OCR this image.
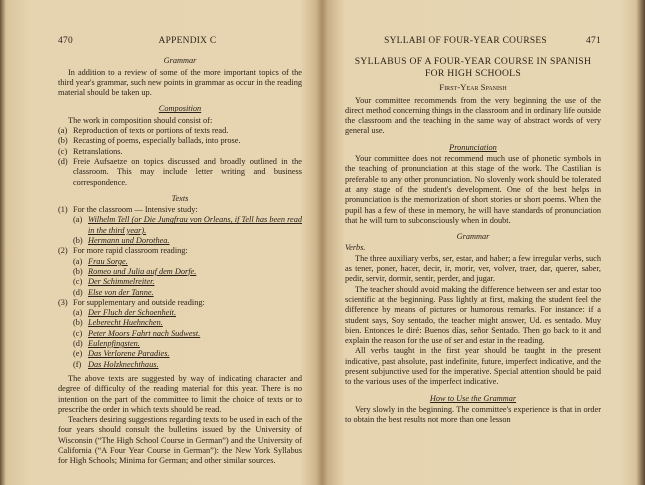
470	APPENDIX C
Grammar

In addition to a review of some of the more important topics of the third year's grammar, such new points in grammar as occur in the reading material should be taken up.

Composition

The work in composition should consist of:

(a) Reproduction of texts or portions of texts read.
(b) Recasting of poems, especially ballads, into prose.
(c) Retranslations.
(d) Freie Aufsaetze on topics discussed and broadly outlined in the classroom. This may include letter writing and business correspondence.
Texts
(1) For the classroom — Intensive study:
(a) Wilhelm Tell (or Die Jungfrau von Orleans, if Tell has been read in the third year).
(b) Hermann und Dorothea.
(2) For more rapid classroom reading:
(a) Frau Sorge.
(b) Romeo und Julia auf dem Dorfe.
(c) Der Schimmelreiter.
(d) Else von der Tanne.
(3) For supplementary and outside reading:
(a) Der Fluch der Schoenheit.
(b) Leberecht Huehnchen.
(c) Peter Moors Fahrt nach Sudwest.
(d) Eulenpfingsten.
(e) Das Verlorene Paradies.
(f) Das Holzknechthaus.

The above texts are suggested by way of indicating character and degree of difficulty of the reading material for this year. There is no intention on the part of the committee to limit the choice of texts or to prescribe the order in which texts should be read.

Teachers desiring suggestions regarding texts to be used in each of the four years should consult the bulletins issued by the University of Wisconsin (“The High School Course in German”) and the University of California (“A Four Year Course in German”): the New York Syllabus for High Schools; Minima for German; and other similar sources.

SYLLABI OF FOUR-YEAR COURSES	471
SYLLABUS OF A FOUR-YEAR COURSE IN SPANISH FOR HIGH SCHOOLS
First-Year Spanish

Your committee recommends from the very beginning the use of the direct method concerning things in the classroom and in ordinary life outside the classroom and the teaching in the same way of abstract words of very general use.

Pronunciation

Your committee does not recommend much use of phonetic symbols in the teaching of pronunciation at this stage of the work. The Castilian is preferable to any other pronunciation. No slovenly work should be tolerated at any stage of the student's development. One of the best helps in pronunciation is the memorization of short stories or short poems. When the pupil has a few of these in memory, he will have standards of pronunciation that he will turn to subconsciously when in doubt.

Grammar
Verbs.

The three auxiliary verbs, ser, estar, and haber; a few irregular verbs, such as tener, poner, hacer, decir, ir, morir, ver, volver, traer, dar, querer, saber, pedir, servir, dormir, sentir, perder, and jugar.

The teacher should avoid making the difference between ser and estar too scientific at the beginning. Pass lightly at first, making the student feel the difference by means of pictures or humorous remarks. For instance: if a student says, Soy sentado, the teacher might answer, Ud. es sentado. Muy bien. Entonces le diré: Buenos días, señor Sentado. Then go back to it and explain the reason for the use of ser and estar in the reading.

All verbs taught in the first year should be taught in the present indicative, past absolute, past indefinite, future, imperfect indicative, and the present subjunctive used for the imperative. Special attention should be paid to the various uses of the imperfect indicative.

How to Use the Grammar

Very slowly in the beginning. The committee's experience is that in order to obtain the best results not more than one lesson
